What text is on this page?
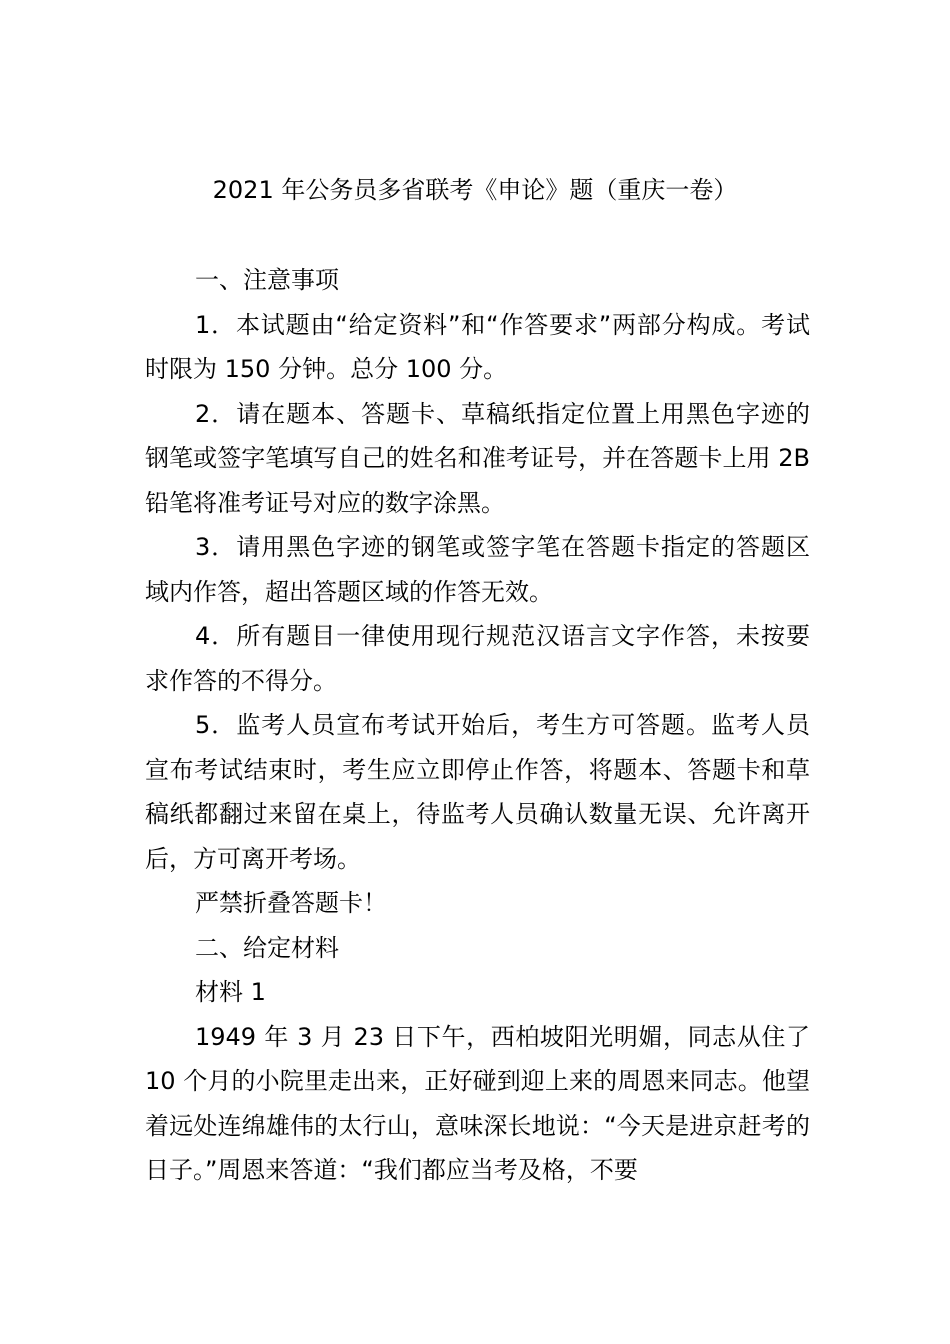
2021 年公务员多省联考《申论》题（重庆一卷）

一、注意事项

1．本试题由“给定资料”和“作答要求”两部分构成。考试时限为 150 分钟。总分 100 分。

2．请在题本、答题卡、草稿纸指定位置上用黑色字迹的钢笔或签字笔填写自己的姓名和准考证号，并在答题卡上用 2B 铅笔将准考证号对应的数字涂黑。

3．请用黑色字迹的钢笔或签字笔在答题卡指定的答题区域内作答，超出答题区域的作答无效。

4．所有题目一律使用现行规范汉语言文字作答，未按要求作答的不得分。

5．监考人员宣布考试开始后，考生方可答题。监考人员宣布考试结束时，考生应立即停止作答，将题本、答题卡和草稿纸都翻过来留在桌上，待监考人员确认数量无误、允许离开后，方可离开考场。

严禁折叠答题卡！

二、给定材料

材料 1

1949 年 3 月 23 日下午，西柏坡阳光明媚，同志从住了 10 个月的小院里走出来，正好碰到迎上来的周恩来同志。他望着远处连绵雄伟的太行山，意味深长地说：“今天是进京赶考的日子。”周恩来答道：“我们都应当考及格，不要
